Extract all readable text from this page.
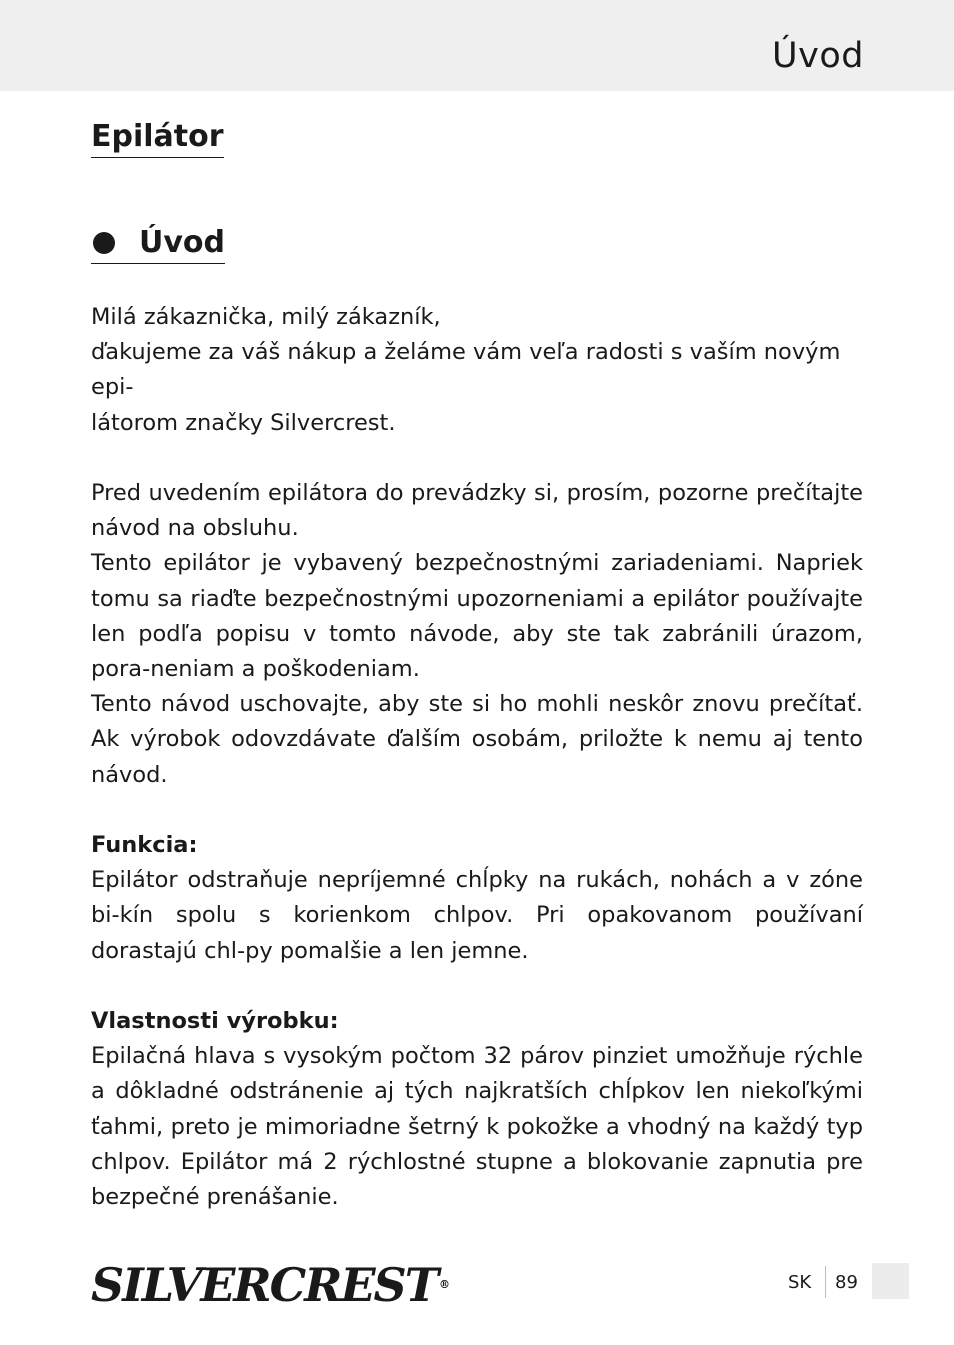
Úvod
Epilátor
Úvod

Milá zákaznička, milý zákazník,

ďakujeme za váš nákup a želáme vám veľa radosti s vaším novým epi-

látorom značky Silvercrest.

Pred uvedením epilátora do prevádzky si, prosím, pozorne prečítajte návod na obsluhu.

Tento epilátor je vybavený bezpečnostnými zariadeniami. Napriek tomu sa riaďte bezpečnostnými upozorneniami a epilátor používajte len podľa popisu v tomto návode, aby ste tak zabránili úrazom, pora-neniam a poškodeniam.

Tento návod uschovajte, aby ste si ho mohli neskôr znovu prečítať. Ak výrobok odovzdávate ďalším osobám, priložte k nemu aj tento návod.

Funkcia:

Epilátor odstraňuje nepríjemné chĺpky na rukách, nohách a v zóne bi-kín spolu s korienkom chlpov. Pri opakovanom používaní dorastajú chl-py pomalšie a len jemne.

Vlastnosti výrobku:

Epilačná hlava s vysokým počtom 32 párov pinziet umožňuje rýchle a dôkladné odstránenie aj tých najkratších chĺpkov len niekoľkými ťahmi, preto je mimoriadne šetrný k pokožke a vhodný na každý typ chlpov. Epilátor má 2 rýchlostné stupne a blokovanie zapnutia pre bezpečné prenášanie.

SILVERCREST ®	SK 89
